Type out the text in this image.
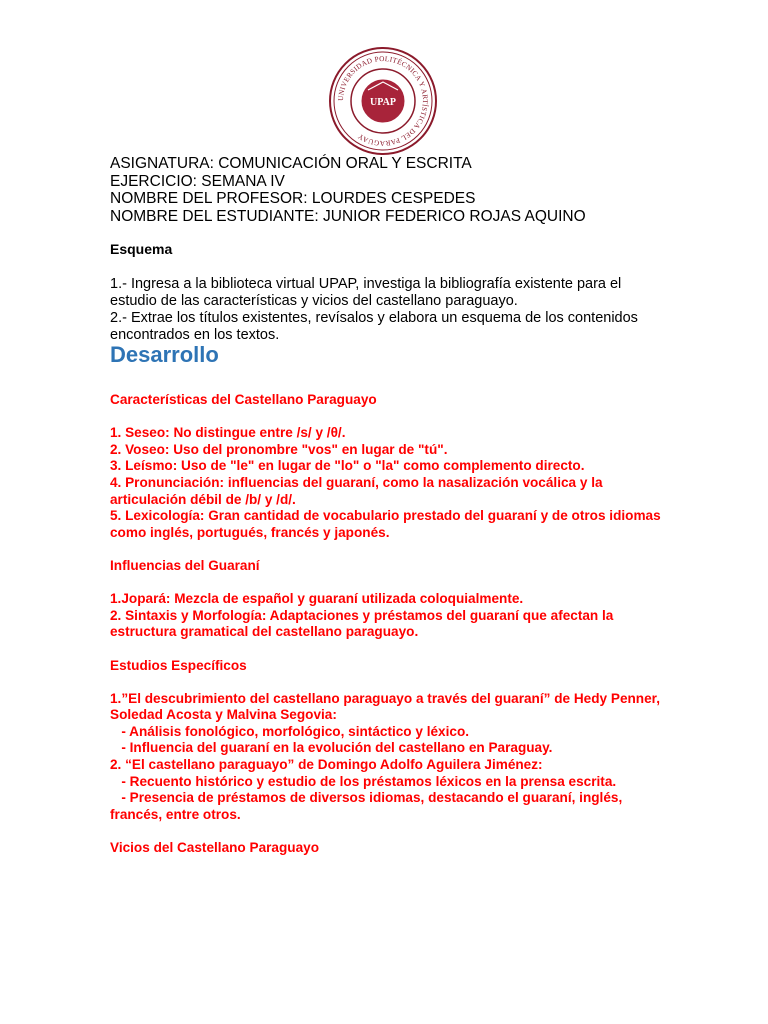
UNIVERSIDAD POLITÉCNICA Y ARTÍSTICA DEL PARAGUAY
UPAP
ASIGNATURA: COMUNICACIÓN ORAL Y ESCRITA
EJERCICIO: SEMANA IV
NOMBRE DEL PROFESOR: LOURDES CESPEDES
NOMBRE DEL ESTUDIANTE: JUNIOR FEDERICO ROJAS AQUINO
Esquema

1.- Ingresa a la biblioteca virtual UPAP, investiga la bibliografía existente para el estudio de las características y vicios del castellano paraguayo.

2.- Extrae los títulos existentes, revísalos y elabora un esquema de los contenidos encontrados en los textos.

Desarrollo

Características del Castellano Paraguayo

1. Seseo: No distingue entre /s/ y /θ/.

2. Voseo: Uso del pronombre "vos" en lugar de "tú".

3. Leísmo: Uso de "le" en lugar de "lo" o "la" como complemento directo.

4. Pronunciación: influencias del guaraní, como la nasalización vocálica y la articulación débil de /b/ y /d/.

5. Lexicología: Gran cantidad de vocabulario prestado del guaraní y de otros idiomas como inglés, portugués, francés y japonés.

Influencias del Guaraní

1.Jopará: Mezcla de español y guaraní utilizada coloquialmente.

2. Sintaxis y Morfología: Adaptaciones y préstamos del guaraní que afectan la estructura gramatical del castellano paraguayo.

Estudios Específicos

1.”El descubrimiento del castellano paraguayo a través del guaraní” de Hedy Penner, Soledad Acosta y Malvina Segovia:

- Análisis fonológico, morfológico, sintáctico y léxico.

- Influencia del guaraní en la evolución del castellano en Paraguay.

2. “El castellano paraguayo” de Domingo Adolfo Aguilera Jiménez:

- Recuento histórico y estudio de los préstamos léxicos en la prensa escrita.

- Presencia de préstamos de diversos idiomas, destacando el guaraní, inglés, francés, entre otros.

Vicios del Castellano Paraguayo
